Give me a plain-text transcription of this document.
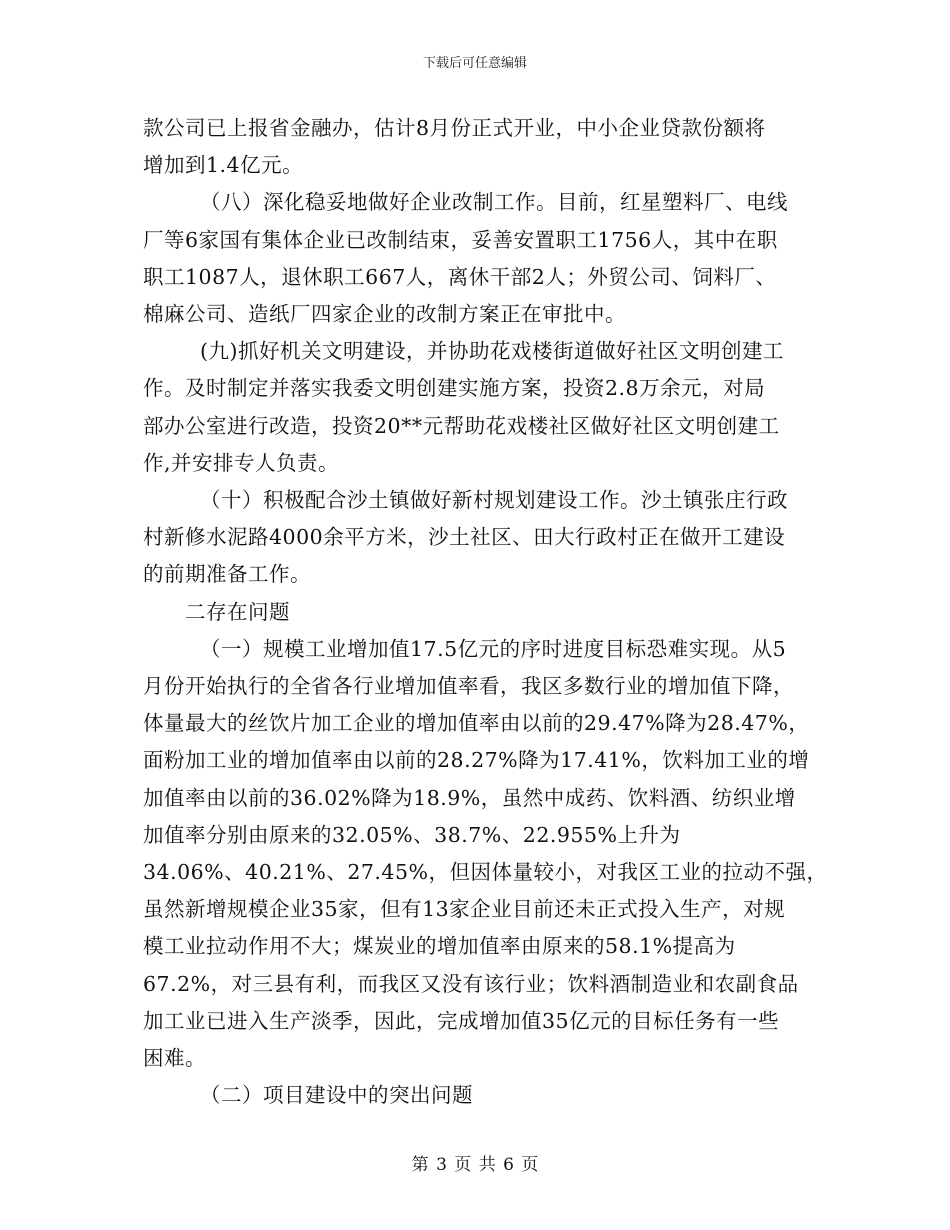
下载后可任意编辑

款公司已上报省金融办，估计8月份正式开业，中小企业贷款份额将

增加到1.4亿元。

（八）深化稳妥地做好企业改制工作。目前，红星塑料厂、电线

厂等6家国有集体企业已改制结束，妥善安置职工1756人，其中在职

职工1087人，退休职工667人，离休干部2人；外贸公司、饲料厂、

棉麻公司、造纸厂四家企业的改制方案正在审批中。

(九)抓好机关文明建设，并协助花戏楼街道做好社区文明创建工

作。及时制定并落实我委文明创建实施方案，投资2.8万余元，对局

部办公室进行改造，投资20**元帮助花戏楼社区做好社区文明创建工

作,并安排专人负责。

（十）积极配合沙土镇做好新村规划建设工作。沙土镇张庄行政

村新修水泥路4000余平方米，沙土社区、田大行政村正在做开工建设

的前期准备工作。

二存在问题

（一）规模工业增加值17.5亿元的序时进度目标恐难实现。从5

月份开始执行的全省各行业增加值率看，我区多数行业的增加值下降，

体量最大的丝饮片加工企业的增加值率由以前的29.47%降为28.47%，

面粉加工业的增加值率由以前的28.27%降为17.41%，饮料加工业的增

加值率由以前的36.02%降为18.9%，虽然中成药、饮料酒、纺织业增

加值率分别由原来的32.05%、38.7%、22.955%上升为

34.06%、40.21%、27.45%，但因体量较小，对我区工业的拉动不强，

虽然新增规模企业35家，但有13家企业目前还未正式投入生产，对规

模工业拉动作用不大；煤炭业的增加值率由原来的58.1%提高为

67.2%，对三县有利，而我区又没有该行业；饮料酒制造业和农副食品

加工业已进入生产淡季，因此，完成增加值35亿元的目标任务有一些

困难。

（二）项目建设中的突出问题

第 3 页 共 6 页
